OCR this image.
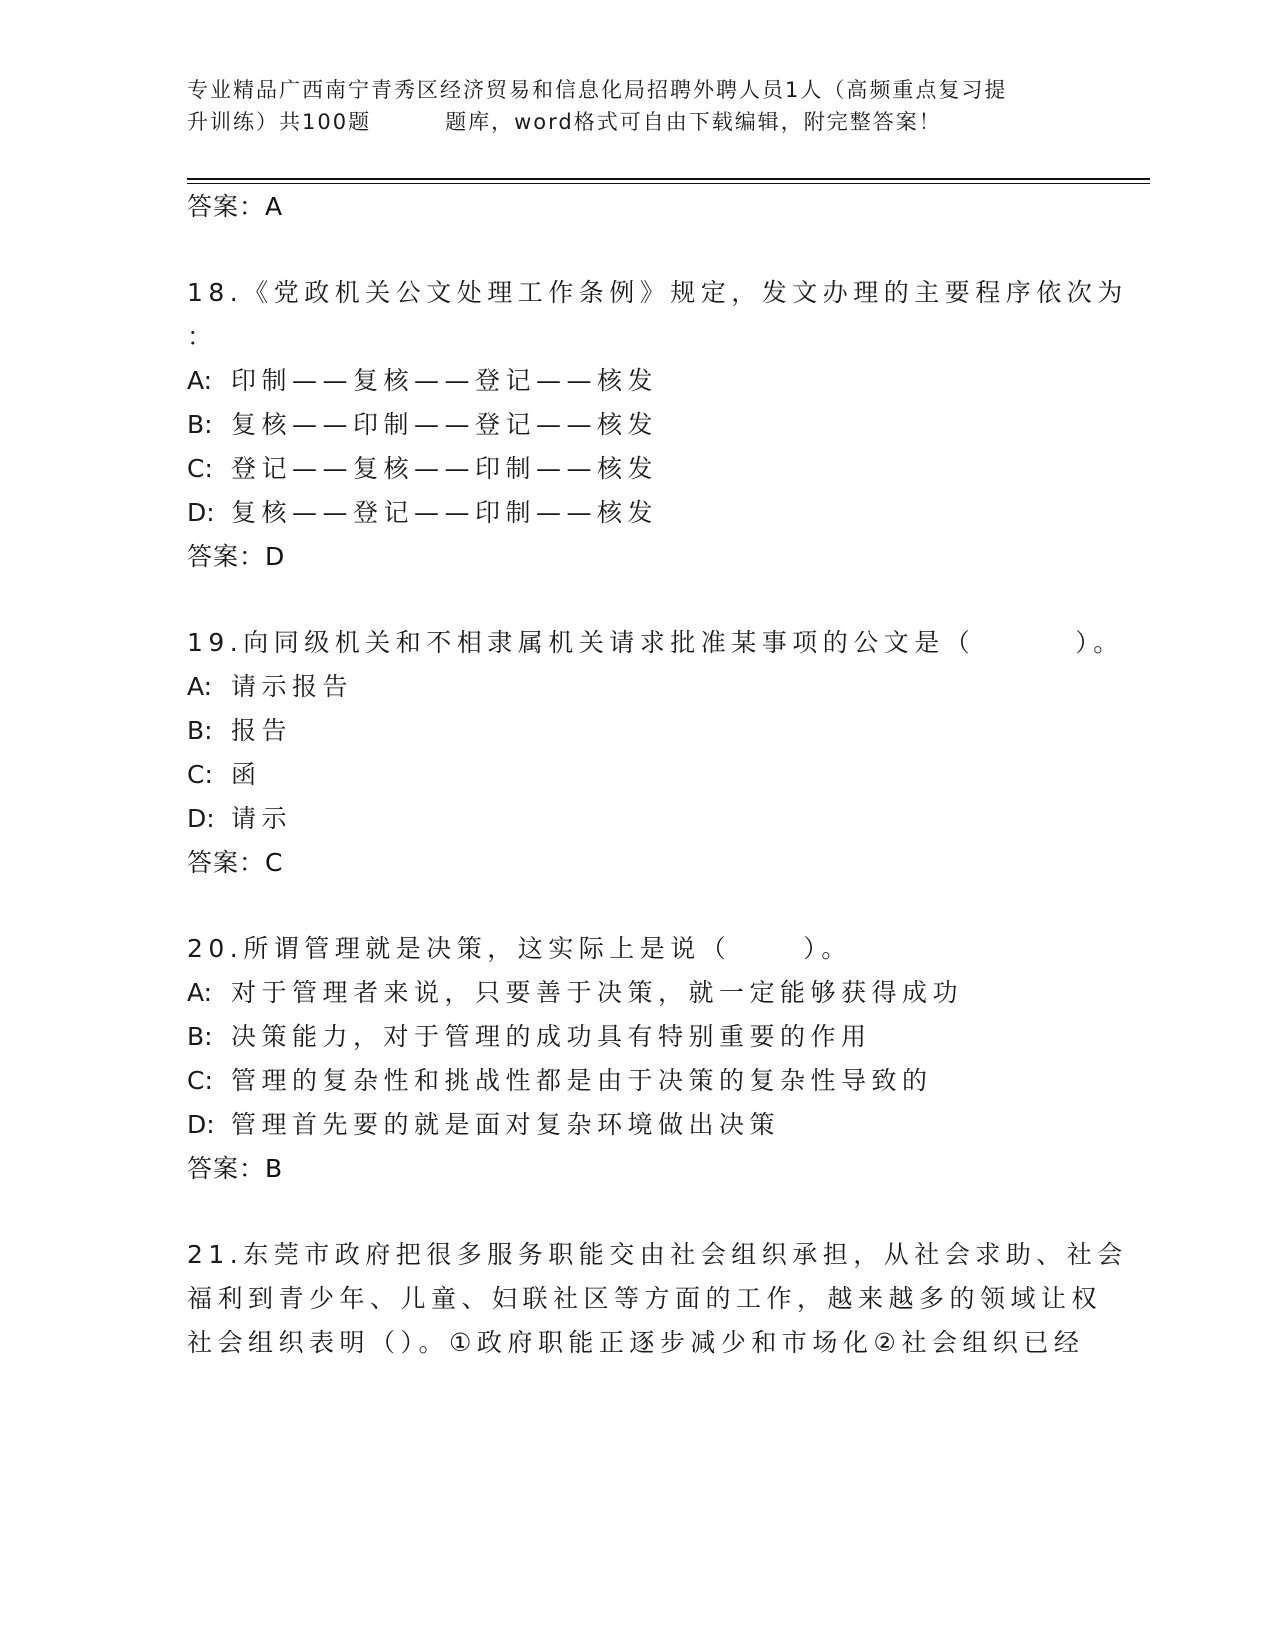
专业精品广西南宁青秀区经济贸易和信息化局招聘外聘人员1人（高频重点复习提
升训练）共100题	题库，word格式可自由下载编辑，附完整答案！
答案：A
18.《党政机关公文处理工作条例》规定，发文办理的主要程序依次为
：
A: 印制——复核——登记——核发
B: 复核——印制——登记——核发
C: 登记——复核——印制——核发
D: 复核——登记——印制——核发
答案：D
19.向同级机关和不相隶属机关请求批准某事项的公文是（	）。
A: 请示报告
B: 报告
C: 函
D: 请示
答案：C
20.所谓管理就是决策，这实际上是说（	）。
A: 对于管理者来说，只要善于决策，就一定能够获得成功
B: 决策能力，对于管理的成功具有特别重要的作用
C: 管理的复杂性和挑战性都是由于决策的复杂性导致的
D: 管理首先要的就是面对复杂环境做出决策
答案：B
21.东莞市政府把很多服务职能交由社会组织承担，从社会求助、社会
福利到青少年、儿童、妇联社区等方面的工作，越来越多的领域让权
社会组织表明（）。①政府职能正逐步减少和市场化②社会组织已经
